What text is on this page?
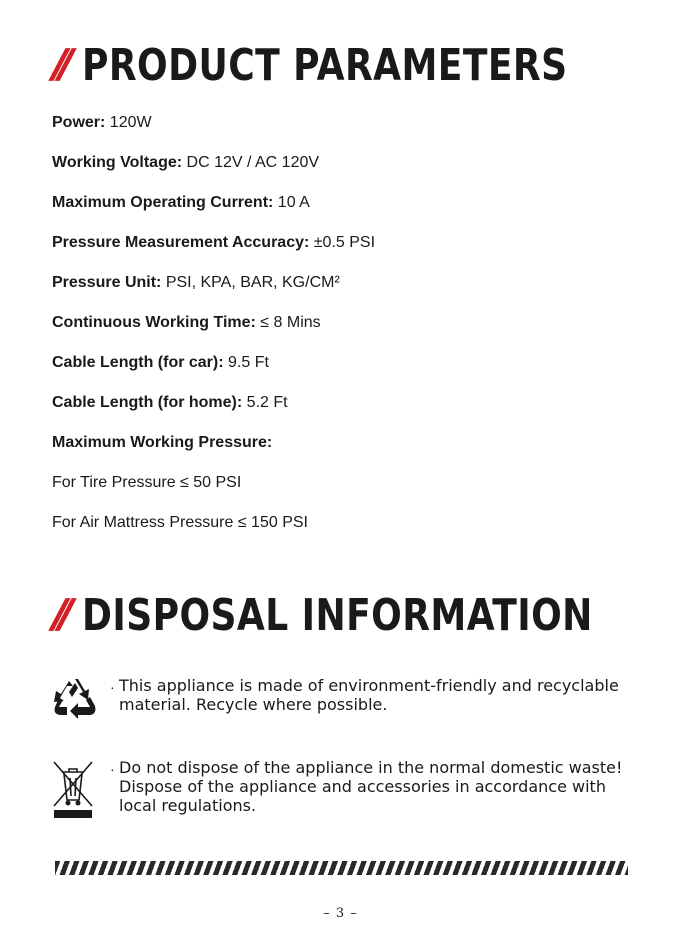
// PRODUCT PARAMETERS
Power: 120W
Working Voltage: DC 12V / AC 120V
Maximum Operating Current: 10 A
Pressure Measurement Accuracy: ±0.5 PSI
Pressure Unit: PSI, KPA, BAR, KG/CM²
Continuous Working Time: ≤ 8 Mins
Cable Length (for car): 9.5 Ft
Cable Length (for home): 5.2 Ft
Maximum Working Pressure:
For Tire Pressure ≤ 50 PSI
For Air Mattress Pressure ≤ 150 PSI
// DISPOSAL INFORMATION
· This appliance is made of environment-friendly and recyclable material. Recycle where possible.
· Do not dispose of the appliance in the normal domestic waste! Dispose of the appliance and accessories in accordance with local regulations.
– 3 –
